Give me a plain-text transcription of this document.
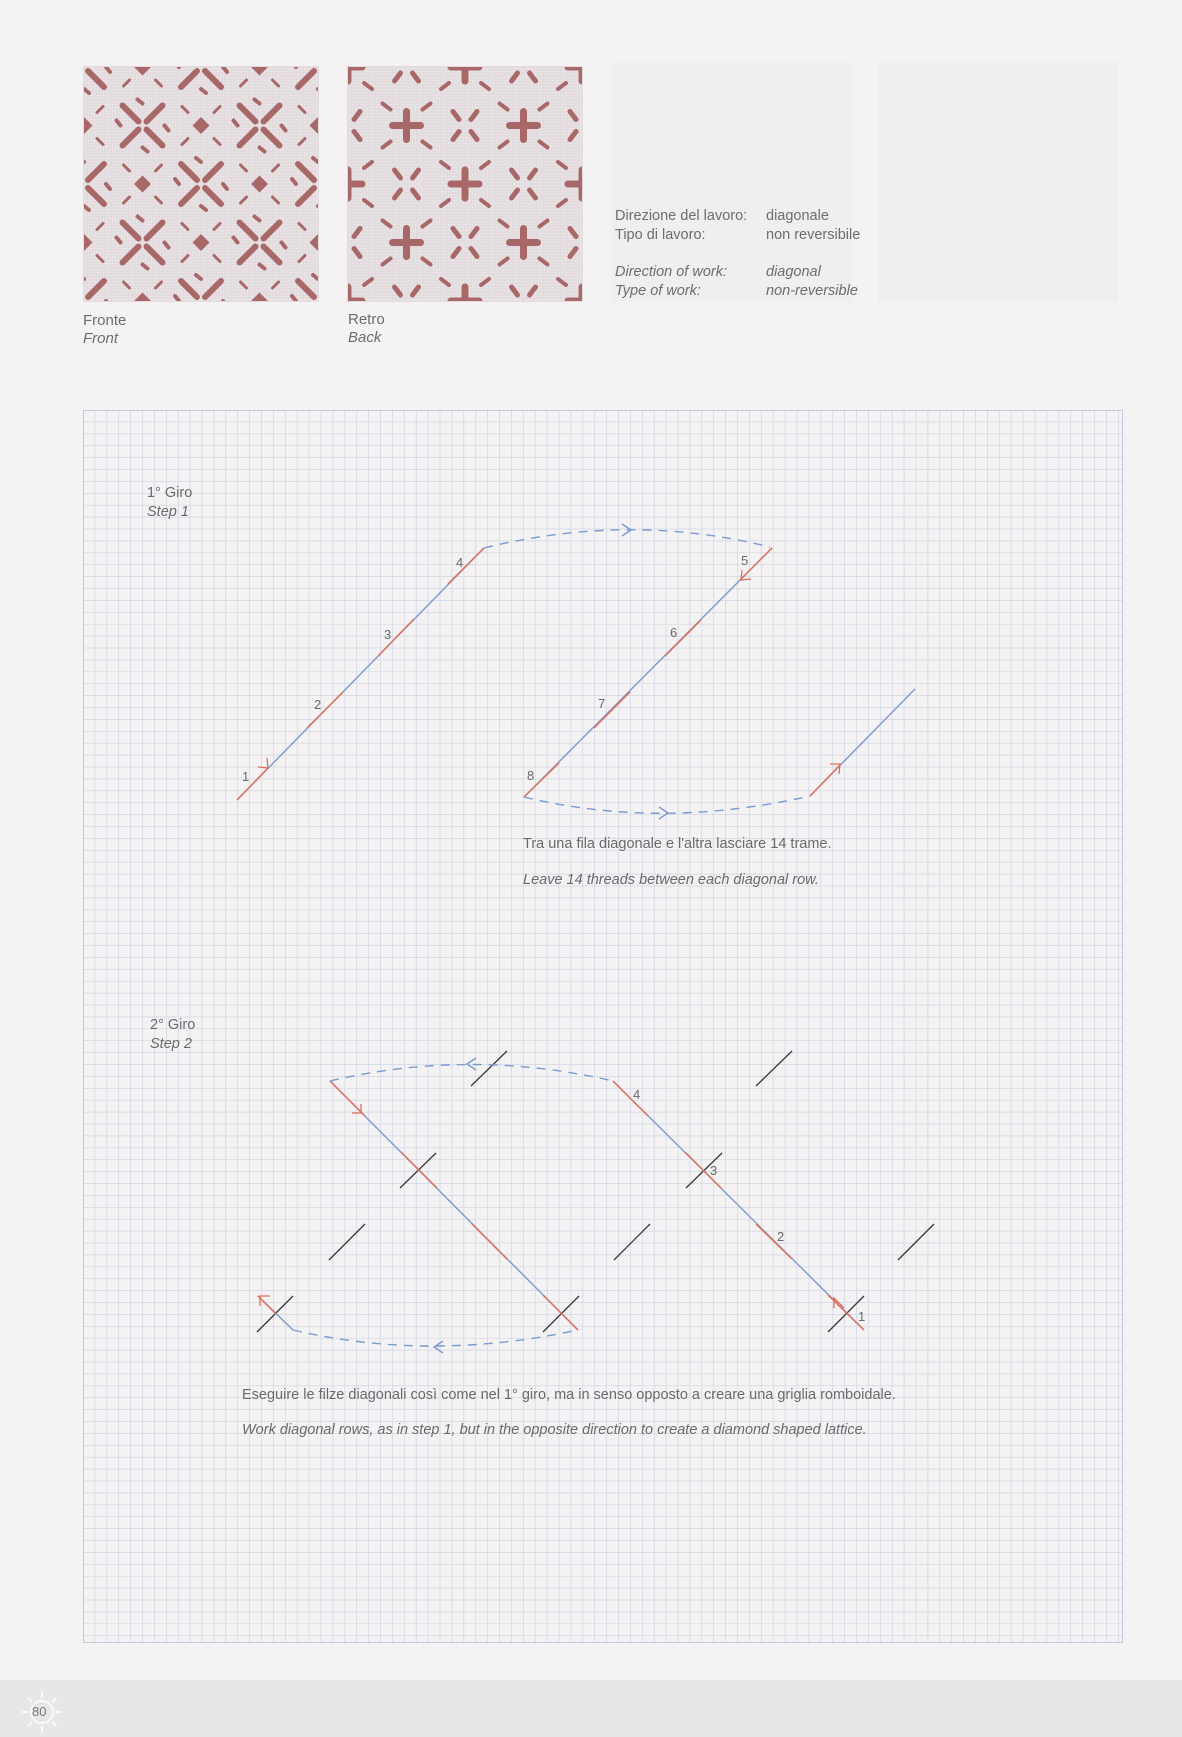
Fronte
Front
Retro
Back
Direzione del lavoro:	diagonale
Tipo di lavoro:	non reversibile

Direction of work:	diagonal
Type of work:	non-reversible
1° Giro
Step 1
1
2
3
4	5
6
7
8
Tra una fila diagonale e l'altra lasciare 14 trame.
Leave 14 threads between each diagonal row.
2° Giro
Step 2
4
3
2
1
Eseguire le filze diagonali così come nel 1° giro, ma in senso opposto a creare una griglia romboidale.
Work diagonal rows, as in step 1, but in the opposite direction to create a diamond shaped lattice.
80
